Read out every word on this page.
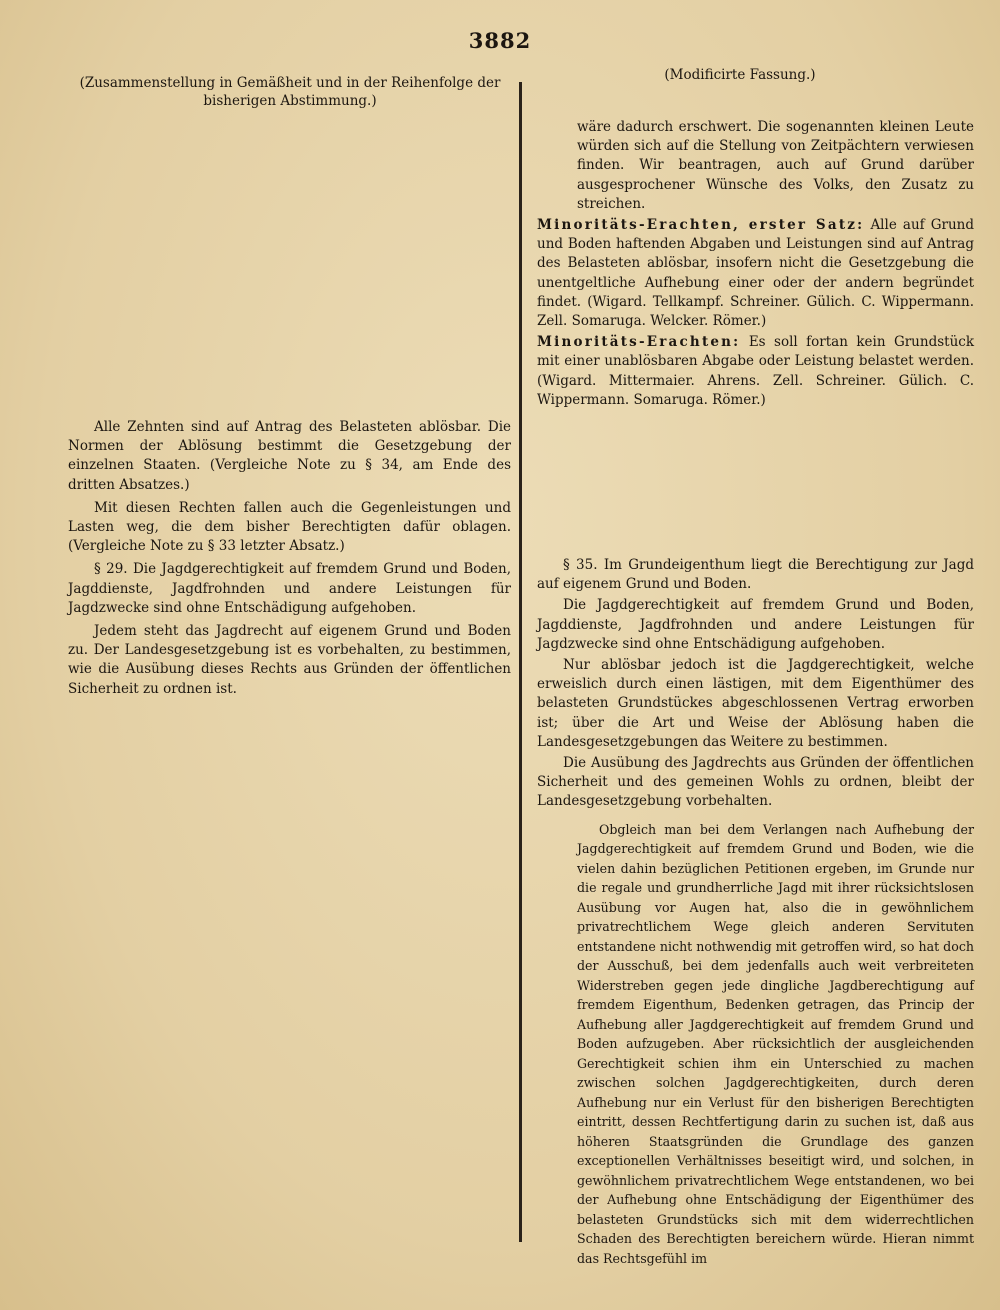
3882
(Zusammenstellung in Gemäßheit und in der Reihenfolge der bisherigen Abstimmung.)
(Modificirte Fassung.)

wäre dadurch erschwert. Die sogenannten kleinen Leute würden sich auf die Stellung von Zeitpächtern verwiesen finden. Wir beantragen, auch auf Grund darüber ausgesprochener Wünsche des Volks, den Zusatz zu streichen.

Minoritäts-Erachten, erster Satz: Alle auf Grund und Boden haftenden Abgaben und Leistungen sind auf Antrag des Belasteten ablösbar, insofern nicht die Gesetzgebung die unentgeltliche Aufhebung einer oder der andern begründet findet. (Wigard. Tellkampf. Schreiner. Gülich. C. Wippermann. Zell. Somaruga. Welcker. Römer.)

Minoritäts-Erachten: Es soll fortan kein Grundstück mit einer unablösbaren Abgabe oder Leistung belastet werden. (Wigard. Mittermaier. Ahrens. Zell. Schreiner. Gülich. C. Wippermann. Somaruga. Römer.)

Alle Zehnten sind auf Antrag des Belasteten ablösbar. Die Normen der Ablösung bestimmt die Gesetzgebung der einzelnen Staaten. (Vergleiche Note zu § 34, am Ende des dritten Absatzes.)

Mit diesen Rechten fallen auch die Gegenleistungen und Lasten weg, die dem bisher Berechtigten dafür oblagen. (Vergleiche Note zu § 33 letzter Absatz.)

§ 29. Die Jagdgerechtigkeit auf fremdem Grund und Boden, Jagddienste, Jagdfrohnden und andere Leistungen für Jagdzwecke sind ohne Entschädigung aufgehoben.

Jedem steht das Jagdrecht auf eigenem Grund und Boden zu. Der Landesgesetzgebung ist es vorbehalten, zu bestimmen, wie die Ausübung dieses Rechts aus Gründen der öffentlichen Sicherheit zu ordnen ist.

§ 35. Im Grundeigenthum liegt die Berechtigung zur Jagd auf eigenem Grund und Boden.

Die Jagdgerechtigkeit auf fremdem Grund und Boden, Jagddienste, Jagdfrohnden und andere Leistungen für Jagdzwecke sind ohne Entschädigung aufgehoben.

Nur ablösbar jedoch ist die Jagdgerechtigkeit, welche erweislich durch einen lästigen, mit dem Eigenthümer des belasteten Grundstückes abgeschlossenen Vertrag erworben ist; über die Art und Weise der Ablösung haben die Landesgesetzgebungen das Weitere zu bestimmen.

Die Ausübung des Jagdrechts aus Gründen der öffentlichen Sicherheit und des gemeinen Wohls zu ordnen, bleibt der Landesgesetzgebung vorbehalten.

Obgleich man bei dem Verlangen nach Aufhebung der Jagdgerechtigkeit auf fremdem Grund und Boden, wie die vielen dahin bezüglichen Petitionen ergeben, im Grunde nur die regale und grundherrliche Jagd mit ihrer rücksichtslosen Ausübung vor Augen hat, also die in gewöhnlichem privatrechtlichem Wege gleich anderen Servituten entstandene nicht nothwendig mit getroffen wird, so hat doch der Ausschuß, bei dem jedenfalls auch weit verbreiteten Widerstreben gegen jede dingliche Jagdberechtigung auf fremdem Eigenthum, Bedenken getragen, das Princip der Aufhebung aller Jagdgerechtigkeit auf fremdem Grund und Boden aufzugeben. Aber rücksichtlich der ausgleichenden Gerechtigkeit schien ihm ein Unterschied zu machen zwischen solchen Jagdgerechtigkeiten, durch deren Aufhebung nur ein Verlust für den bisherigen Berechtigten eintritt, dessen Rechtfertigung darin zu suchen ist, daß aus höheren Staatsgründen die Grundlage des ganzen exceptionellen Verhältnisses beseitigt wird, und solchen, in gewöhnlichem privatrechtlichem Wege entstandenen, wo bei der Aufhebung ohne Entschädigung der Eigenthümer des belasteten Grundstücks sich mit dem widerrechtlichen Schaden des Berechtigten bereichern würde. Hieran nimmt das Rechtsgefühl im
